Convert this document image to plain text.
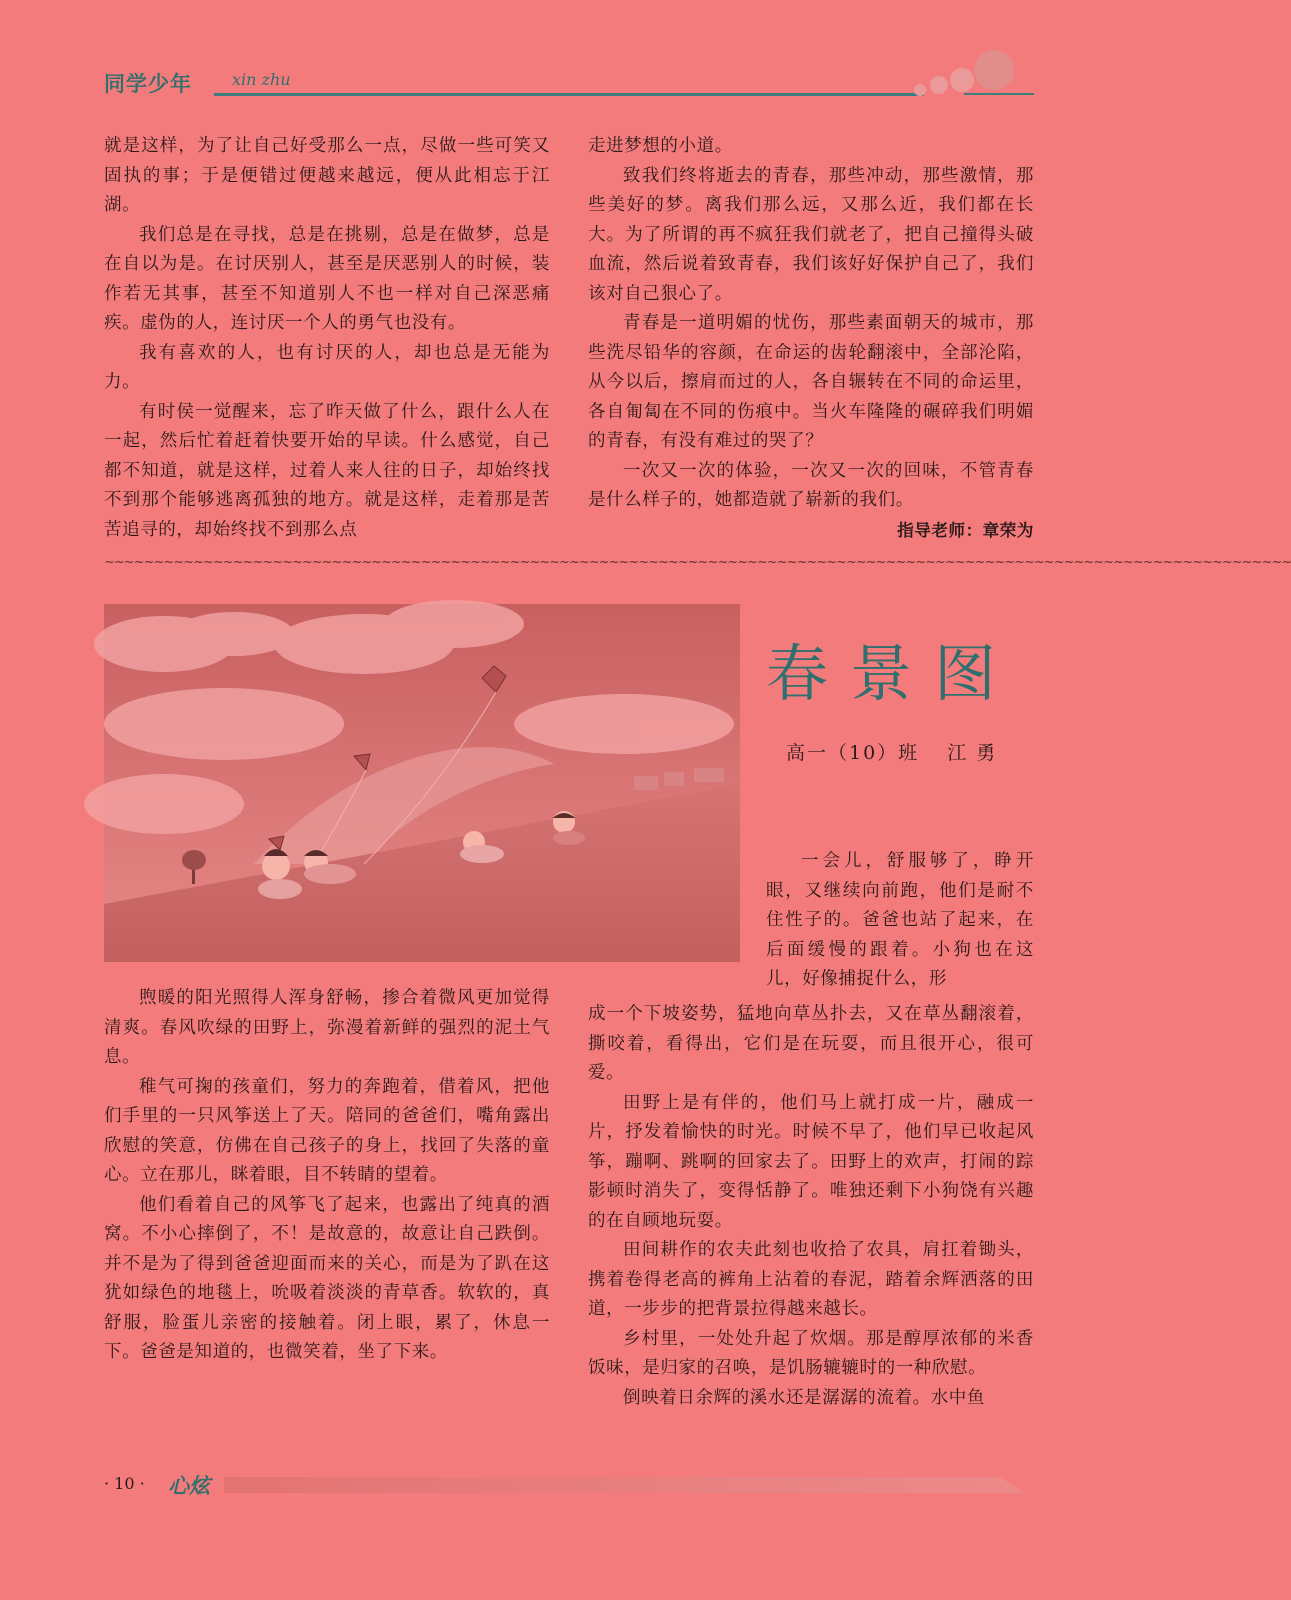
同学少年	xin zhu

就是这样，为了让自己好受那么一点，尽做一些可笑又固执的事；于是便错过便越来越远，便从此相忘于江湖。

我们总是在寻找，总是在挑剔，总是在做梦，总是在自以为是。在讨厌别人，甚至是厌恶别人的时候，装作若无其事，甚至不知道别人不也一样对自己深恶痛疾。虚伪的人，连讨厌一个人的勇气也没有。

我有喜欢的人，也有讨厌的人，却也总是无能为力。

有时侯一觉醒来，忘了昨天做了什么，跟什么人在一起，然后忙着赶着快要开始的早读。什么感觉，自己都不知道，就是这样，过着人来人往的日子，却始终找不到那个能够逃离孤独的地方。就是这样，走着那是苦苦追寻的，却始终找不到那么点

走进梦想的小道。

致我们终将逝去的青春，那些冲动，那些激情，那些美好的梦。离我们那么远，又那么近，我们都在长大。为了所谓的再不疯狂我们就老了，把自己撞得头破血流，然后说着致青春，我们该好好保护自己了，我们该对自己狠心了。

青春是一道明媚的忧伤，那些素面朝天的城市，那些洗尽铅华的容颜，在命运的齿轮翻滚中，全部沦陷，从今以后，擦肩而过的人，各自辗转在不同的命运里，各自匍匐在不同的伤痕中。当火车隆隆的碾碎我们明媚的青春，有没有难过的哭了？

一次又一次的体验，一次又一次的回味，不管青春是什么样子的，她都造就了崭新的我们。

指导老师：章荣为
~~~~~~~~~~~~~~~~~~~~~~~~~~~~~~~~~~~~~~~~~~~~~~~~~~~~~~~~~~~~~~~~~~~~~~~~~~~~~~~~~~~~~~~~~~~~~~~~~~~~~~~~~~~~~~~~~~~~~~~~
春景图
高一（10）班 江 勇

一会儿，舒服够了，睁开眼，又继续向前跑，他们是耐不住性子的。爸爸也站了起来，在后面缓慢的跟着。小狗也在这儿，好像捕捉什么，形

煦暖的阳光照得人浑身舒畅，掺合着微风更加觉得清爽。春风吹绿的田野上，弥漫着新鲜的强烈的泥土气息。

稚气可掬的孩童们，努力的奔跑着，借着风，把他们手里的一只风筝送上了天。陪同的爸爸们，嘴角露出欣慰的笑意，仿佛在自己孩子的身上，找回了失落的童心。立在那儿，眯着眼，目不转睛的望着。

他们看着自己的风筝飞了起来，也露出了纯真的酒窝。不小心摔倒了，不！是故意的，故意让自己跌倒。并不是为了得到爸爸迎面而来的关心，而是为了趴在这犹如绿色的地毯上，吮吸着淡淡的青草香。软软的，真舒服，脸蛋儿亲密的接触着。闭上眼，累了，休息一下。爸爸是知道的，也微笑着，坐了下来。

成一个下坡姿势，猛地向草丛扑去，又在草丛翻滚着，撕咬着，看得出，它们是在玩耍，而且很开心，很可爱。

田野上是有伴的，他们马上就打成一片，融成一片，抒发着愉快的时光。时候不早了，他们早已收起风筝，蹦啊、跳啊的回家去了。田野上的欢声，打闹的踪影顿时消失了，变得恬静了。唯独还剩下小狗饶有兴趣的在自顾地玩耍。

田间耕作的农夫此刻也收拾了农具，肩扛着锄头，携着卷得老高的裤角上沾着的春泥，踏着余辉洒落的田道，一步步的把背景拉得越来越长。

乡村里，一处处升起了炊烟。那是醇厚浓郁的米香饭味，是归家的召唤，是饥肠辘辘时的一种欣慰。

倒映着日余辉的溪水还是潺潺的流着。水中鱼

· 10 · 心炫
